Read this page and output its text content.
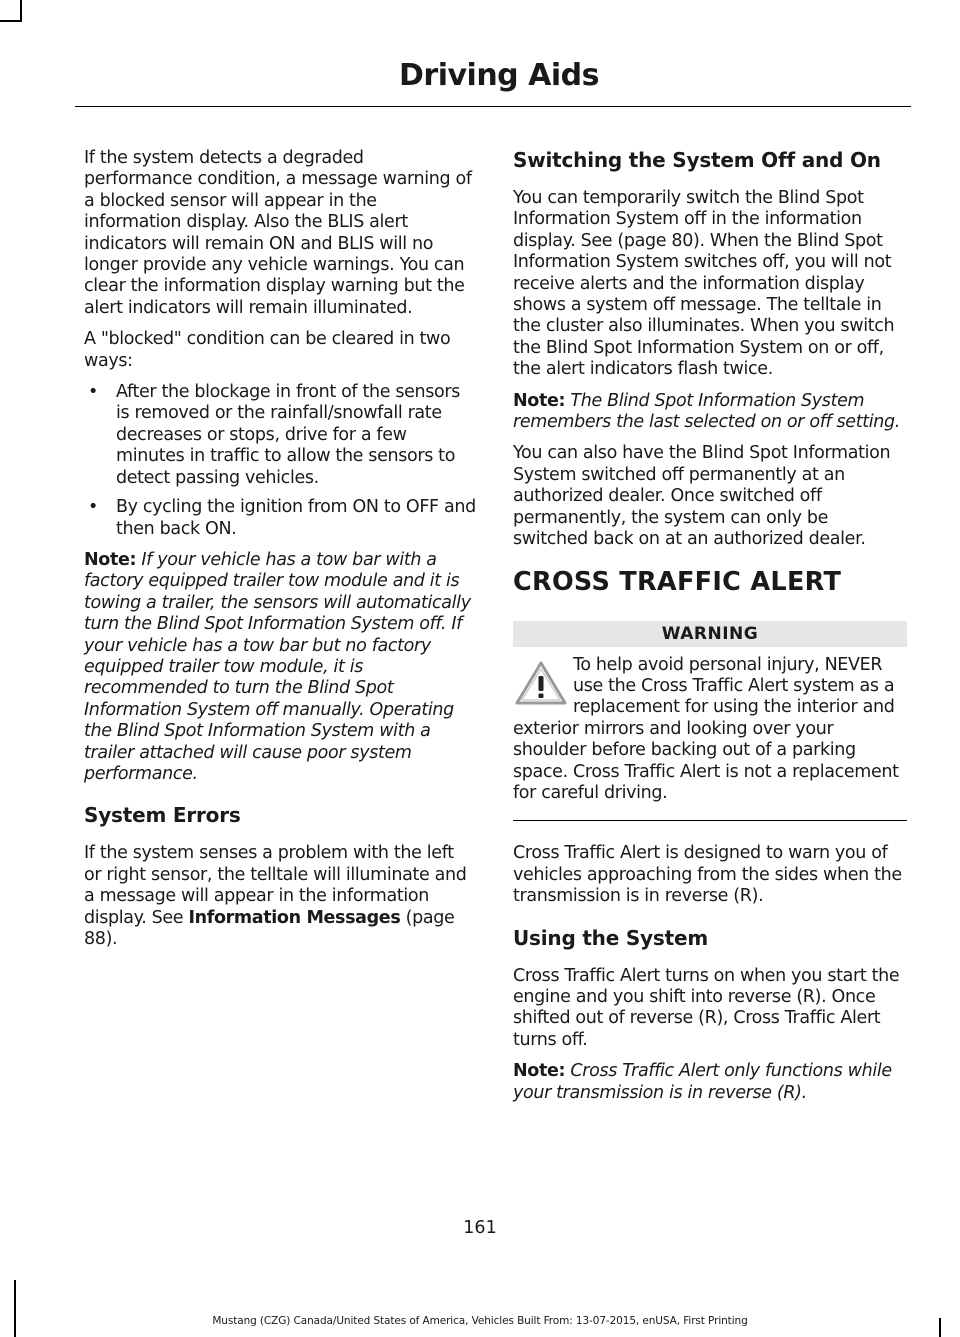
Driving Aids

If the system detects a degraded performance condition, a message warning of a blocked sensor will appear in the information display. Also the BLIS alert indicators will remain ON and BLIS will no longer provide any vehicle warnings. You can clear the information display warning but the alert indicators will remain illuminated.

A "blocked" condition can be cleared in two ways:

• After the blockage in front of the sensors is removed or the rainfall/snowfall rate decreases or stops, drive for a few minutes in traffic to allow the sensors to detect passing vehicles.
• By cycling the ignition from ON to OFF and then back ON.

Note: If your vehicle has a tow bar with a factory equipped trailer tow module and it is towing a trailer, the sensors will automatically turn the Blind Spot Information System off. If your vehicle has a tow bar but no factory equipped trailer tow module, it is recommended to turn the Blind Spot Information System off manually. Operating the Blind Spot Information System with a trailer attached will cause poor system performance.

System Errors

If the system senses a problem with the left or right sensor, the telltale will illuminate and a message will appear in the information display. See Information Messages (page 88).

Switching the System Off and On

You can temporarily switch the Blind Spot Information System off in the information display. See (page 80). When the Blind Spot Information System switches off, you will not receive alerts and the information display shows a system off message. The telltale in the cluster also illuminates. When you switch the Blind Spot Information System on or off, the alert indicators flash twice.

Note: The Blind Spot Information System remembers the last selected on or off setting.

You can also have the Blind Spot Information System switched off permanently at an authorized dealer. Once switched off permanently, the system can only be switched back on at an authorized dealer.

CROSS TRAFFIC ALERT
WARNING
To help avoid personal injury, NEVER use the Cross Traffic Alert system as a replacement for using the interior and exterior mirrors and looking over your shoulder before backing out of a parking space. Cross Traffic Alert is not a replacement for careful driving.

Cross Traffic Alert is designed to warn you of vehicles approaching from the sides when the transmission is in reverse (R).

Using the System

Cross Traffic Alert turns on when you start the engine and you shift into reverse (R). Once shifted out of reverse (R), Cross Traffic Alert turns off.

Note: Cross Traffic Alert only functions while your transmission is in reverse (R).

161
Mustang (CZG) Canada/United States of America, Vehicles Built From: 13-07-2015, enUSA, First Printing
